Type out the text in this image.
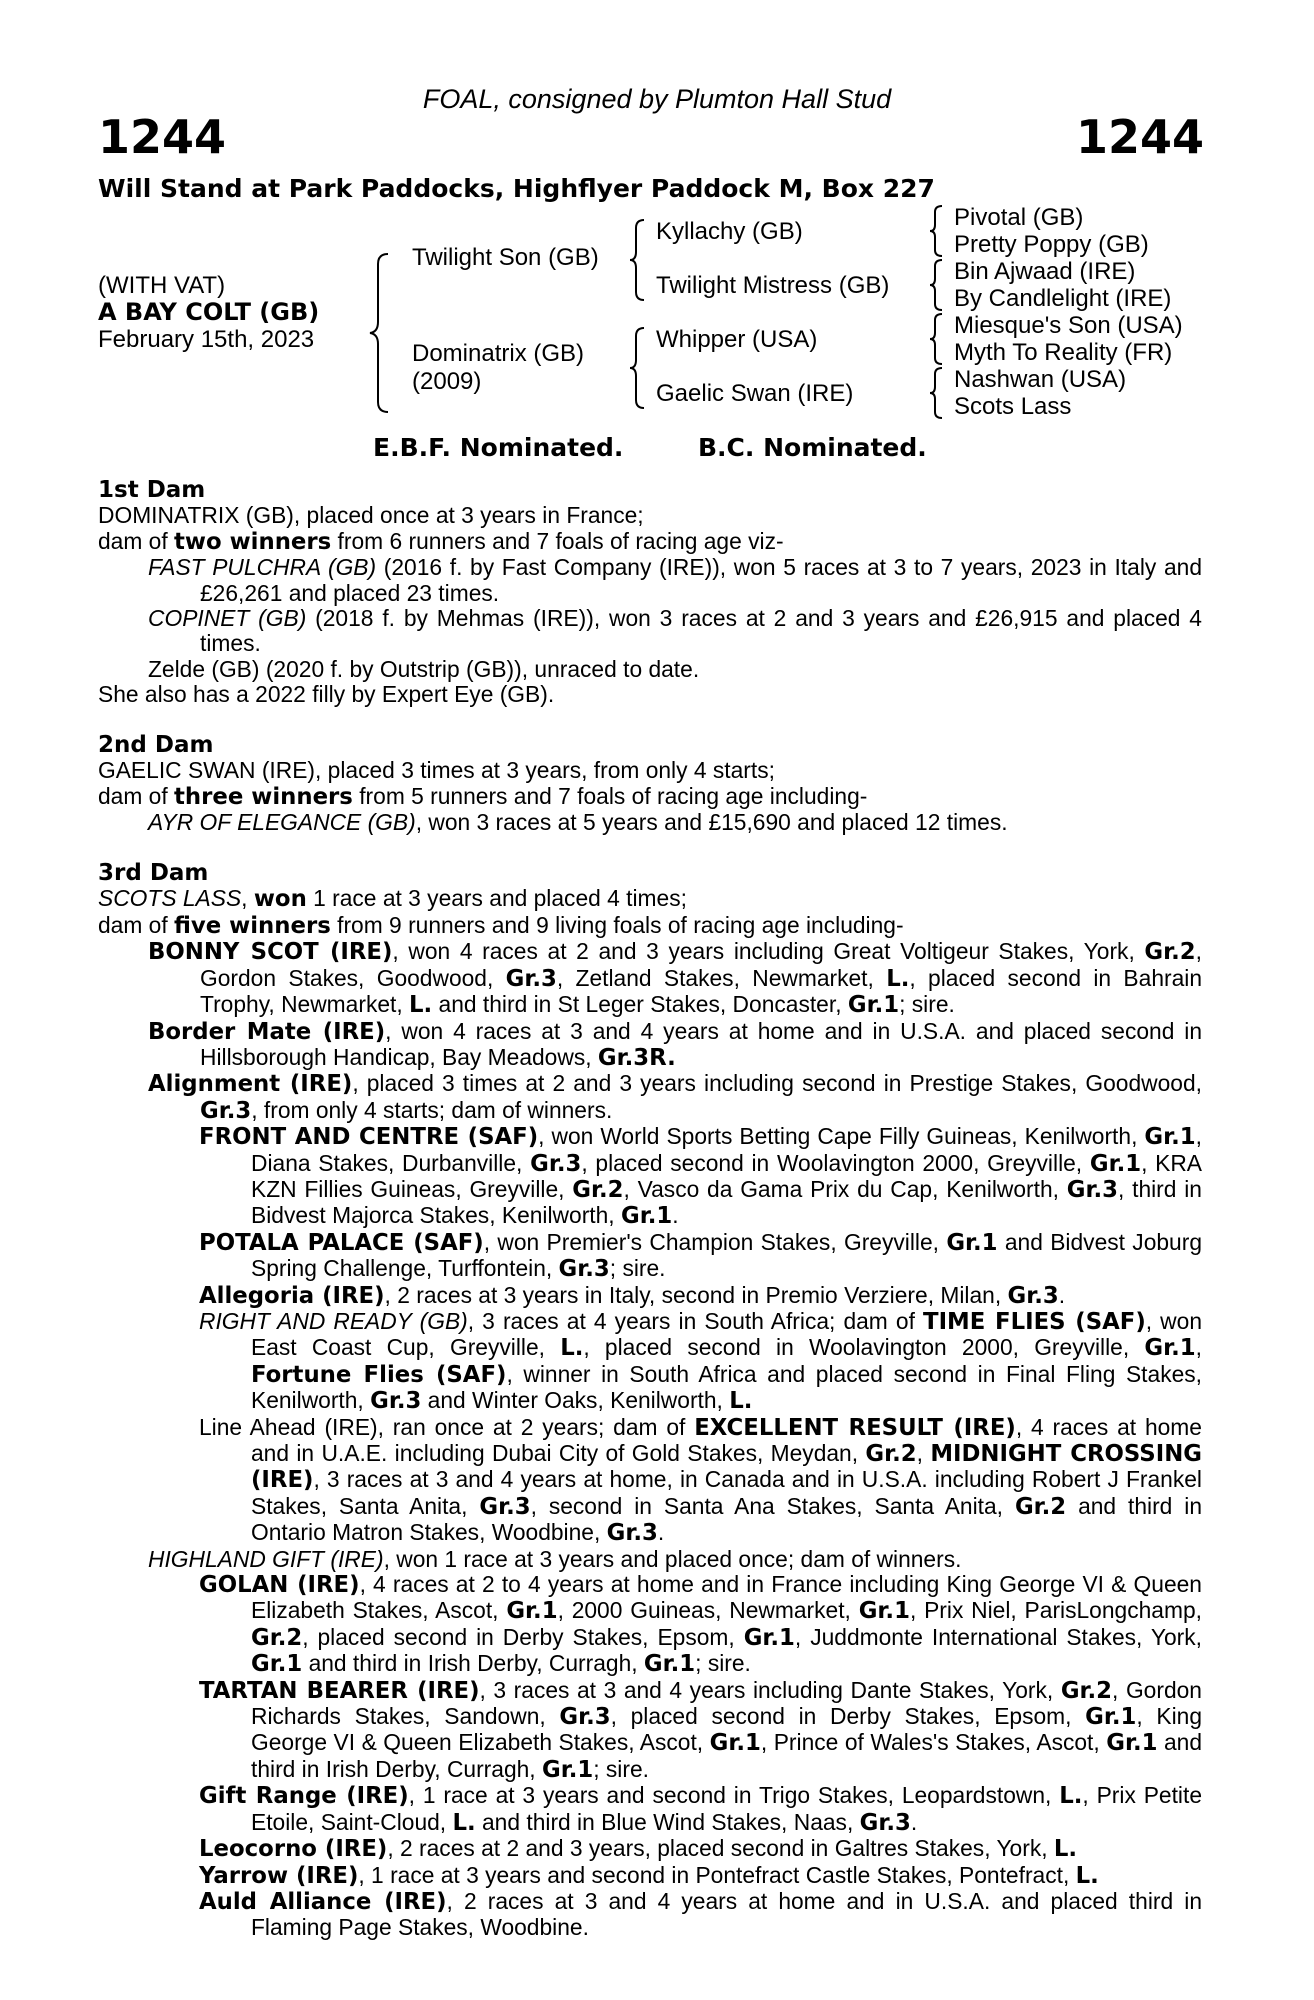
FOAL, consigned by Plumton Hall Stud
1244	1244
Will Stand at Park Paddocks, Highflyer Paddock M, Box 227
(WITH VAT)
A BAY COLT (GB)
February 15th, 2023
Twilight Son (GB)
Dominatrix (GB)
(2009)
Kyllachy (GB)
Twilight Mistress (GB)
Whipper (USA)
Gaelic Swan (IRE)
Pivotal (GB)
Pretty Poppy (GB)
Bin Ajwaad (IRE)
By Candlelight (IRE)
Miesque's Son (USA)
Myth To Reality (FR)
Nashwan (USA)
Scots Lass
E.B.F. Nominated.	B.C. Nominated.

1st Dam

DOMINATRIX (GB), placed once at 3 years in France;

dam of two winners from 6 runners and 7 foals of racing age viz-

FAST PULCHRA (GB) (2016 f. by Fast Company (IRE)), won 5 races at 3 to 7 years, 2023 in Italy and £26,261 and placed 23 times.

COPINET (GB) (2018 f. by Mehmas (IRE)), won 3 races at 2 and 3 years and £26,915 and placed 4 times.

Zelde (GB) (2020 f. by Outstrip (GB)), unraced to date.

She also has a 2022 filly by Expert Eye (GB).

2nd Dam

GAELIC SWAN (IRE), placed 3 times at 3 years, from only 4 starts;

dam of three winners from 5 runners and 7 foals of racing age including-

AYR OF ELEGANCE (GB), won 3 races at 5 years and £15,690 and placed 12 times.

3rd Dam

SCOTS LASS, won 1 race at 3 years and placed 4 times;

dam of five winners from 9 runners and 9 living foals of racing age including-

BONNY SCOT (IRE), won 4 races at 2 and 3 years including Great Voltigeur Stakes, York, Gr.2, Gordon Stakes, Goodwood, Gr.3, Zetland Stakes, Newmarket, L., placed second in Bahrain Trophy, Newmarket, L. and third in St Leger Stakes, Doncaster, Gr.1; sire.

Border Mate (IRE), won 4 races at 3 and 4 years at home and in U.S.A. and placed second in Hillsborough Handicap, Bay Meadows, Gr.3R.

Alignment (IRE), placed 3 times at 2 and 3 years including second in Prestige Stakes, Goodwood, Gr.3, from only 4 starts; dam of winners.

FRONT AND CENTRE (SAF), won World Sports Betting Cape Filly Guineas, Kenilworth, Gr.1, Diana Stakes, Durbanville, Gr.3, placed second in Woolavington 2000, Greyville, Gr.1, KRA KZN Fillies Guineas, Greyville, Gr.2, Vasco da Gama Prix du Cap, Kenilworth, Gr.3, third in Bidvest Majorca Stakes, Kenilworth, Gr.1.

POTALA PALACE (SAF), won Premier's Champion Stakes, Greyville, Gr.1 and Bidvest Joburg Spring Challenge, Turffontein, Gr.3; sire.

Allegoria (IRE), 2 races at 3 years in Italy, second in Premio Verziere, Milan, Gr.3.

RIGHT AND READY (GB), 3 races at 4 years in South Africa; dam of TIME FLIES (SAF), won East Coast Cup, Greyville, L., placed second in Woolavington 2000, Greyville, Gr.1, Fortune Flies (SAF), winner in South Africa and placed second in Final Fling Stakes, Kenilworth, Gr.3 and Winter Oaks, Kenilworth, L.

Line Ahead (IRE), ran once at 2 years; dam of EXCELLENT RESULT (IRE), 4 races at home and in U.A.E. including Dubai City of Gold Stakes, Meydan, Gr.2, MIDNIGHT CROSSING (IRE), 3 races at 3 and 4 years at home, in Canada and in U.S.A. including Robert J Frankel Stakes, Santa Anita, Gr.3, second in Santa Ana Stakes, Santa Anita, Gr.2 and third in Ontario Matron Stakes, Woodbine, Gr.3.

HIGHLAND GIFT (IRE), won 1 race at 3 years and placed once; dam of winners.

GOLAN (IRE), 4 races at 2 to 4 years at home and in France including King George VI & Queen Elizabeth Stakes, Ascot, Gr.1, 2000 Guineas, Newmarket, Gr.1, Prix Niel, ParisLongchamp, Gr.2, placed second in Derby Stakes, Epsom, Gr.1, Juddmonte International Stakes, York, Gr.1 and third in Irish Derby, Curragh, Gr.1; sire.

TARTAN BEARER (IRE), 3 races at 3 and 4 years including Dante Stakes, York, Gr.2, Gordon Richards Stakes, Sandown, Gr.3, placed second in Derby Stakes, Epsom, Gr.1, King George VI & Queen Elizabeth Stakes, Ascot, Gr.1, Prince of Wales's Stakes, Ascot, Gr.1 and third in Irish Derby, Curragh, Gr.1; sire.

Gift Range (IRE), 1 race at 3 years and second in Trigo Stakes, Leopardstown, L., Prix Petite Etoile, Saint-Cloud, L. and third in Blue Wind Stakes, Naas, Gr.3.

Leocorno (IRE), 2 races at 2 and 3 years, placed second in Galtres Stakes, York, L.

Yarrow (IRE), 1 race at 3 years and second in Pontefract Castle Stakes, Pontefract, L.

Auld Alliance (IRE), 2 races at 3 and 4 years at home and in U.S.A. and placed third in Flaming Page Stakes, Woodbine.
